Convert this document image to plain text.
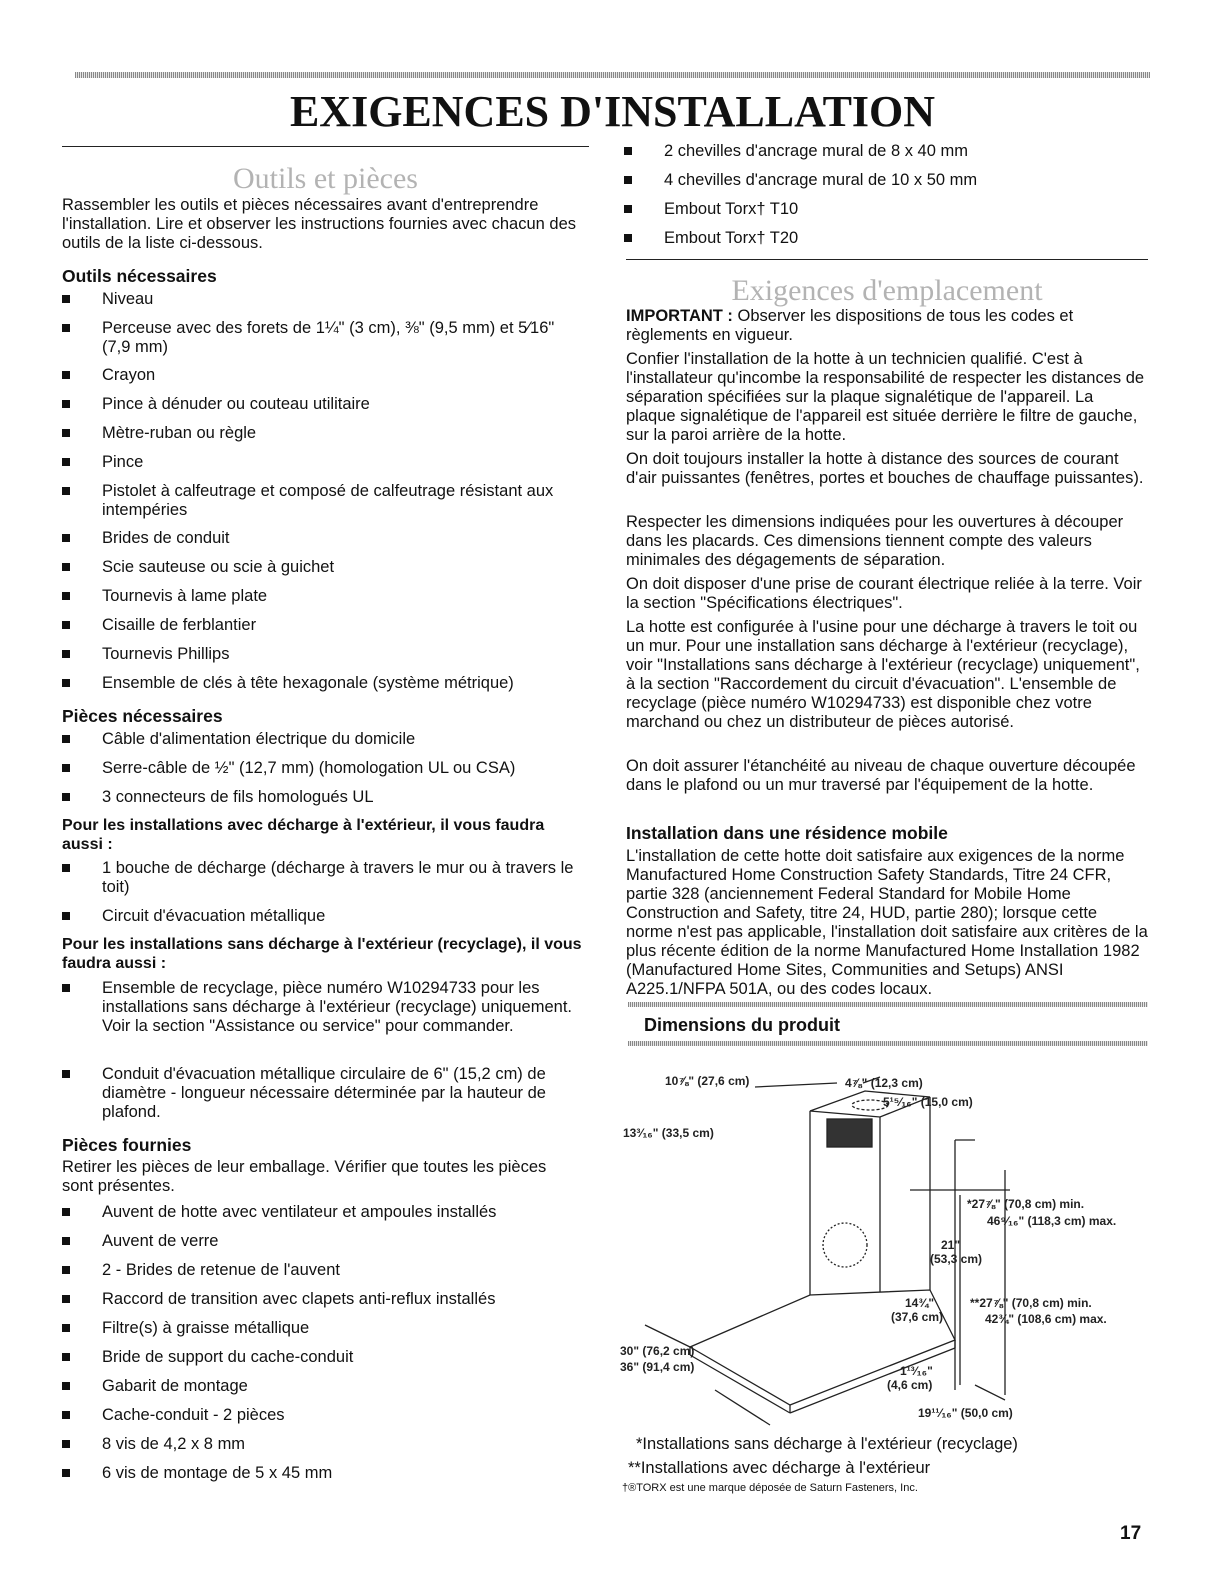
EXIGENCES D'INSTALLATION
Outils et pièces

Rassembler les outils et pièces nécessaires avant d'entreprendre l'installation. Lire et observer les instructions fournies avec chacun des outils de la liste ci-dessous.

Outils nécessaires
Niveau
Perceuse avec des forets de 1¼" (3 cm), ⅜" (9,5 mm) et 5⁄16" (7,9 mm)
Crayon
Pince à dénuder ou couteau utilitaire
Mètre-ruban ou règle
Pince
Pistolet à calfeutrage et composé de calfeutrage résistant aux intempéries
Brides de conduit
Scie sauteuse ou scie à guichet
Tournevis à lame plate
Cisaille de ferblantier
Tournevis Phillips
Ensemble de clés à tête hexagonale (système métrique)
Pièces nécessaires
Câble d'alimentation électrique du domicile
Serre-câble de ½" (12,7 mm) (homologation UL ou CSA)
3 connecteurs de fils homologués UL
Pour les installations avec décharge à l'extérieur, il vous faudra aussi :
1 bouche de décharge (décharge à travers le mur ou à travers le toit)
Circuit d'évacuation métallique
Pour les installations sans décharge à l'extérieur (recyclage), il vous faudra aussi :
Ensemble de recyclage, pièce numéro W10294733 pour les installations sans décharge à l'extérieur (recyclage) uniquement. Voir la section "Assistance ou service" pour commander.
Conduit d'évacuation métallique circulaire de 6" (15,2 cm) de diamètre - longueur nécessaire déterminée par la hauteur de plafond.
Pièces fournies

Retirer les pièces de leur emballage. Vérifier que toutes les pièces sont présentes.

Auvent de hotte avec ventilateur et ampoules installés
Auvent de verre
2 - Brides de retenue de l'auvent
Raccord de transition avec clapets anti-reflux installés
Filtre(s) à graisse métallique
Bride de support du cache-conduit
Gabarit de montage
Cache-conduit - 2 pièces
8 vis de 4,2 x 8 mm
6 vis de montage de 5 x 45 mm
2 chevilles d'ancrage mural de 8 x 40 mm
4 chevilles d'ancrage mural de 10 x 50 mm
Embout Torx† T10
Embout Torx† T20
Exigences d'emplacement

IMPORTANT : Observer les dispositions de tous les codes et règlements en vigueur.

Confier l'installation de la hotte à un technicien qualifié. C'est à l'installateur qu'incombe la responsabilité de respecter les distances de séparation spécifiées sur la plaque signalétique de l'appareil. La plaque signalétique de l'appareil est située derrière le filtre de gauche, sur la paroi arrière de la hotte.

On doit toujours installer la hotte à distance des sources de courant d'air puissantes (fenêtres, portes et bouches de chauffage puissantes).

Respecter les dimensions indiquées pour les ouvertures à découper dans les placards. Ces dimensions tiennent compte des valeurs minimales des dégagements de séparation.

On doit disposer d'une prise de courant électrique reliée à la terre. Voir la section "Spécifications électriques".

La hotte est configurée à l'usine pour une décharge à travers le toit ou un mur. Pour une installation sans décharge à l'extérieur (recyclage), voir "Installations sans décharge à l'extérieur (recyclage) uniquement", à la section "Raccordement du circuit d'évacuation". L'ensemble de recyclage (pièce numéro W10294733) est disponible chez votre marchand ou chez un distributeur de pièces autorisé.

On doit assurer l'étanchéité au niveau de chaque ouverture découpée dans le plafond ou un mur traversé par l'équipement de la hotte.

Installation dans une résidence mobile

L'installation de cette hotte doit satisfaire aux exigences de la norme Manufactured Home Construction Safety Standards, Titre 24 CFR, partie 328 (anciennement Federal Standard for Mobile Home Construction and Safety, titre 24, HUD, partie 280); lorsque cette norme n'est pas applicable, l'installation doit satisfaire aux critères de la plus récente édition de la norme Manufactured Home Installation 1982 (Manufactured Home Sites, Communities and Setups) ANSI A225.1/NFPA 501A, ou des codes locaux.

Dimensions du produit
10⅞" (27,6 cm)	4⅞" (12,3 cm)
5¹⁵⁄₁₆" (15,0 cm)
13³⁄₁₆" (33,5 cm)
*27⅞" (70,8 cm) min.
46⁹⁄₁₆" (118,3 cm) max.
21"
(53,3 cm)
14¾"
(37,6 cm)
**27⅞" (70,8 cm) min.
42¾" (108,6 cm) max.
30" (76,2 cm)
36" (91,4 cm)	1¹³⁄₁₆"
(4,6 cm)
19¹¹⁄₁₆" (50,0 cm)
*Installations sans décharge à l'extérieur (recyclage)
**Installations avec décharge à l'extérieur
†®TORX est une marque déposée de Saturn Fasteners, Inc.
17
